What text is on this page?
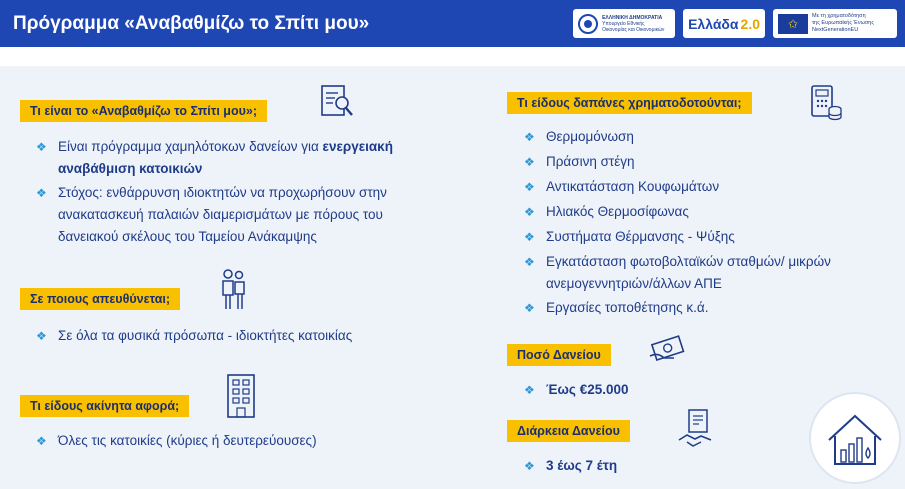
Πρόγραμμα «Αναβαθμίζω το Σπίτι μου»	ΕΛΛΗΝΙΚΗ ΔΗΜΟΚΡΑΤΙΑ
Υπουργείο Εθνικής Οικονομίας και Οικονομικών	Ελλάδα 2.0	✩
Με τη χρηματοδότηση
της Ευρωπαϊκής Ένωσης
NextGenerationEU
Τι είναι το «Αναβαθμίζω το Σπίτι μου»;
❖ Είναι πρόγραμμα χαμηλότοκων δανείων για ενεργειακή
αναβάθμιση κατοικιών
❖ Στόχος: ενθάρρυνση ιδιοκτητών να προχωρήσουν στην
ανακατασκευή παλαιών διαμερισμάτων με πόρους του
δανειακού σκέλους του Ταμείου Ανάκαμψης
Σε ποιους απευθύνεται;
❖ Σε όλα τα φυσικά πρόσωπα - ιδιοκτήτες κατοικίας
Τι είδους ακίνητα αφορά;
❖ Όλες τις κατοικίες (κύριες ή δευτερεύουσες)
Τι είδους δαπάνες χρηματοδοτούνται;
❖ Θερμομόνωση
❖ Πράσινη στέγη
❖ Αντικατάσταση Κουφωμάτων
❖ Ηλιακός Θερμοσίφωνας
❖ Συστήματα Θέρμανσης - Ψύξης
❖ Εγκατάσταση φωτοβολταϊκών σταθμών/ μικρών
ανεμογεννητριών/άλλων ΑΠΕ
❖ Εργασίες τοποθέτησης κ.ά.
Ποσό Δανείου
❖ Έως €25.000
Διάρκεια Δανείου
❖ 3 έως 7 έτη
